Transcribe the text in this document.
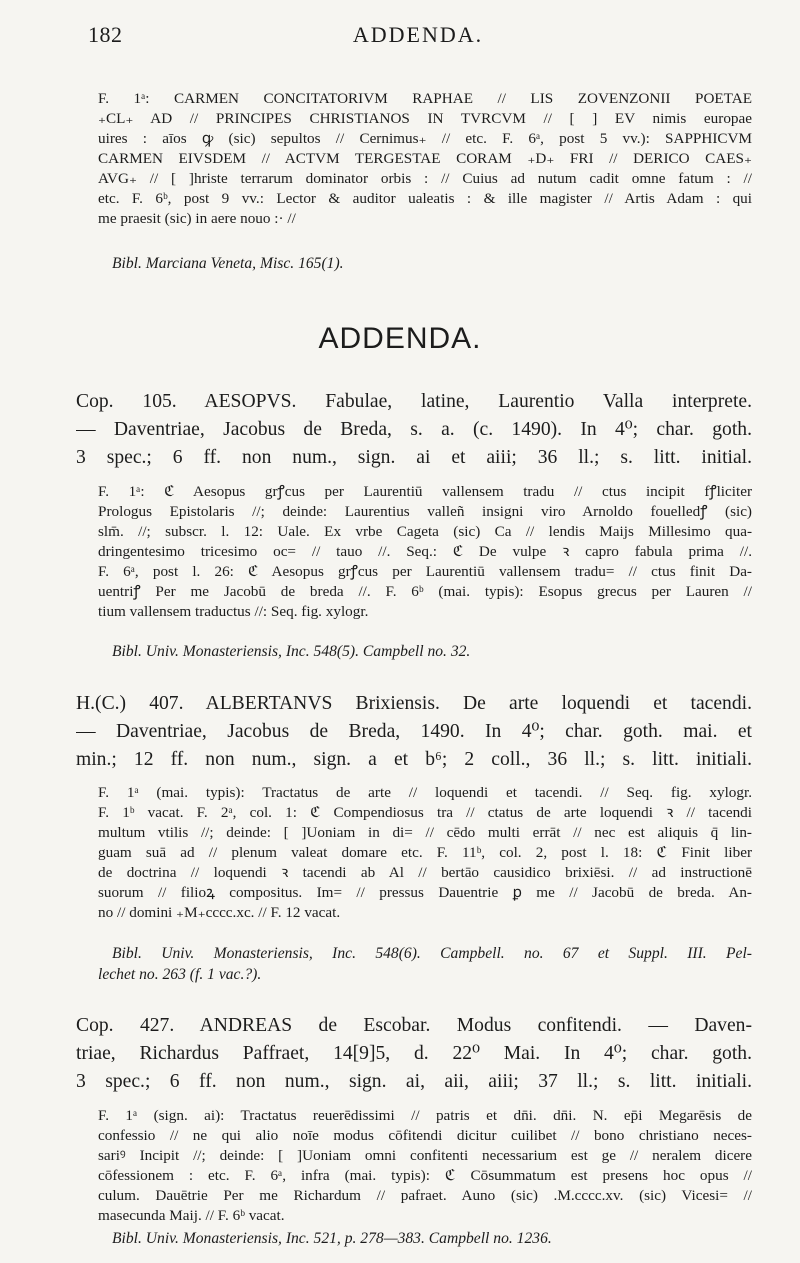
182	ADDENDA.
F. 1ᵃ: CARMEN CONCITATORIVM RAPHAE // LIS ZOVENZONII POETAE
₊CL₊ AD // PRINCIPES CHRISTIANOS IN TVRCVM // [ ] EV nimis europae
uires : aīos ꝙ (sic) sepultos // Cernimus₊ // etc. F. 6ᵃ, post 5 vv.): SAPPHICVM
CARMEN EIVSDEM // ACTVM TERGESTAE CORAM ₊D₊ FRI // DERICO CAES₊
AVG₊ // [ ]hriste terrarum dominator orbis : // Cuius ad nutum cadit omne fatum : //
etc. F. 6ᵇ, post 9 vv.: Lector & auditor ualeatis : & ille magister // Artis Adam : qui
me praesit (sic) in aere nouo :· //
Bibl. Marciana Veneta, Misc. 165(1).
ADDENDA.
Cop. 105. AESOPVS. Fabulae, latine, Laurentio Valla interprete.
— Daventriae, Jacobus de Breda, s. a. (c. 1490). In 4⁰; char. goth.
3 spec.; 6 ff. non num., sign. ai et aiii; 36 ll.; s. litt. initial.
F. 1ᵃ: ℭ Aesopus grꝭcus per Laurentiū vallensem tradu // ctus incipit fꝭliciter
Prologus Epistolaris //; deinde: Laurentius valleñ insigni viro Arnoldo fouelledꝭ (sic)
slm̄. //; subscr. l. 12: Uale. Ex vrbe Cageta (sic) Ca // lendis Maijs Millesimo qua-
dringentesimo tricesimo oc= // tauo //. Seq.: ℭ De vulpe ꝛ capro fabula prima //.
F. 6ᵃ, post l. 26: ℭ Aesopus grꝭcus per Laurentiū vallensem tradu= // ctus finit Da-
uentriꝭ Per me Jacobū de breda //. F. 6ᵇ (mai. typis): Esopus grecus per Lauren //
tium vallensem traductus //: Seq. fig. xylogr.
Bibl. Univ. Monasteriensis, Inc. 548(5). Campbell no. 32.
H.(C.) 407. ALBERTANVS Brixiensis. De arte loquendi et tacendi.
— Daventriae, Jacobus de Breda, 1490. In 4⁰; char. goth. mai. et
min.; 12 ff. non num., sign. a et b⁶; 2 coll., 36 ll.; s. litt. initiali.
F. 1ᵃ (mai. typis): Tractatus de arte // loquendi et tacendi. // Seq. fig. xylogr.
F. 1ᵇ vacat. F. 2ᵃ, col. 1: ℭ Compendiosus tra // ctatus de arte loquendi ꝛ // tacendi
multum vtilis //; deinde: [ ]Uoniam in di= // cēdo multi errāt // nec est aliquis q̄ lin-
guam suā ad // plenum valeat domare etc. F. 11ᵇ, col. 2, post l. 18: ℭ Finit liber
de doctrina // loquendi ꝛ tacendi ab Al // bertāo causidico brixiēsi. // ad instructionē
suorum // filioꝝ compositus. Im= // pressus Dauentrie ꝑ me // Jacobū de breda. An-
no // domini ₊M₊cccc.xc. // F. 12 vacat.
Bibl. Univ. Monasteriensis, Inc. 548(6). Campbell. no. 67 et Suppl. III. Pel-
lechet no. 263 (f. 1 vac.?).
Cop. 427. ANDREAS de Escobar. Modus confitendi. — Daven-
triae, Richardus Paffraet, 14[9]5, d. 22⁰ Mai. In 4⁰; char. goth.
3 spec.; 6 ff. non num., sign. ai, aii, aiii; 37 ll.; s. litt. initiali.
F. 1ᵃ (sign. ai): Tractatus reuerēdissimi // patris et dn̄i. dn̄i. N. ep̄i Megarēsis de
confessio // ne qui alio noīe modus cōfitendi dicitur cuilibet // bono christiano neces-
sariꝰ Incipit //; deinde: [ ]Uoniam omni confitenti necessarium est ge // neralem dicere
cōfessionem : etc. F. 6ᵃ, infra (mai. typis): ℭ Cōsummatum est presens hoc opus //
culum. Dauētrie Per me Richardum // pafraet. Auno (sic) .M.cccc.xv. (sic) Vicesi= //
masecunda Maij. // F. 6ᵇ vacat.
Bibl. Univ. Monasteriensis, Inc. 521, p. 278—383. Campbell no. 1236.
